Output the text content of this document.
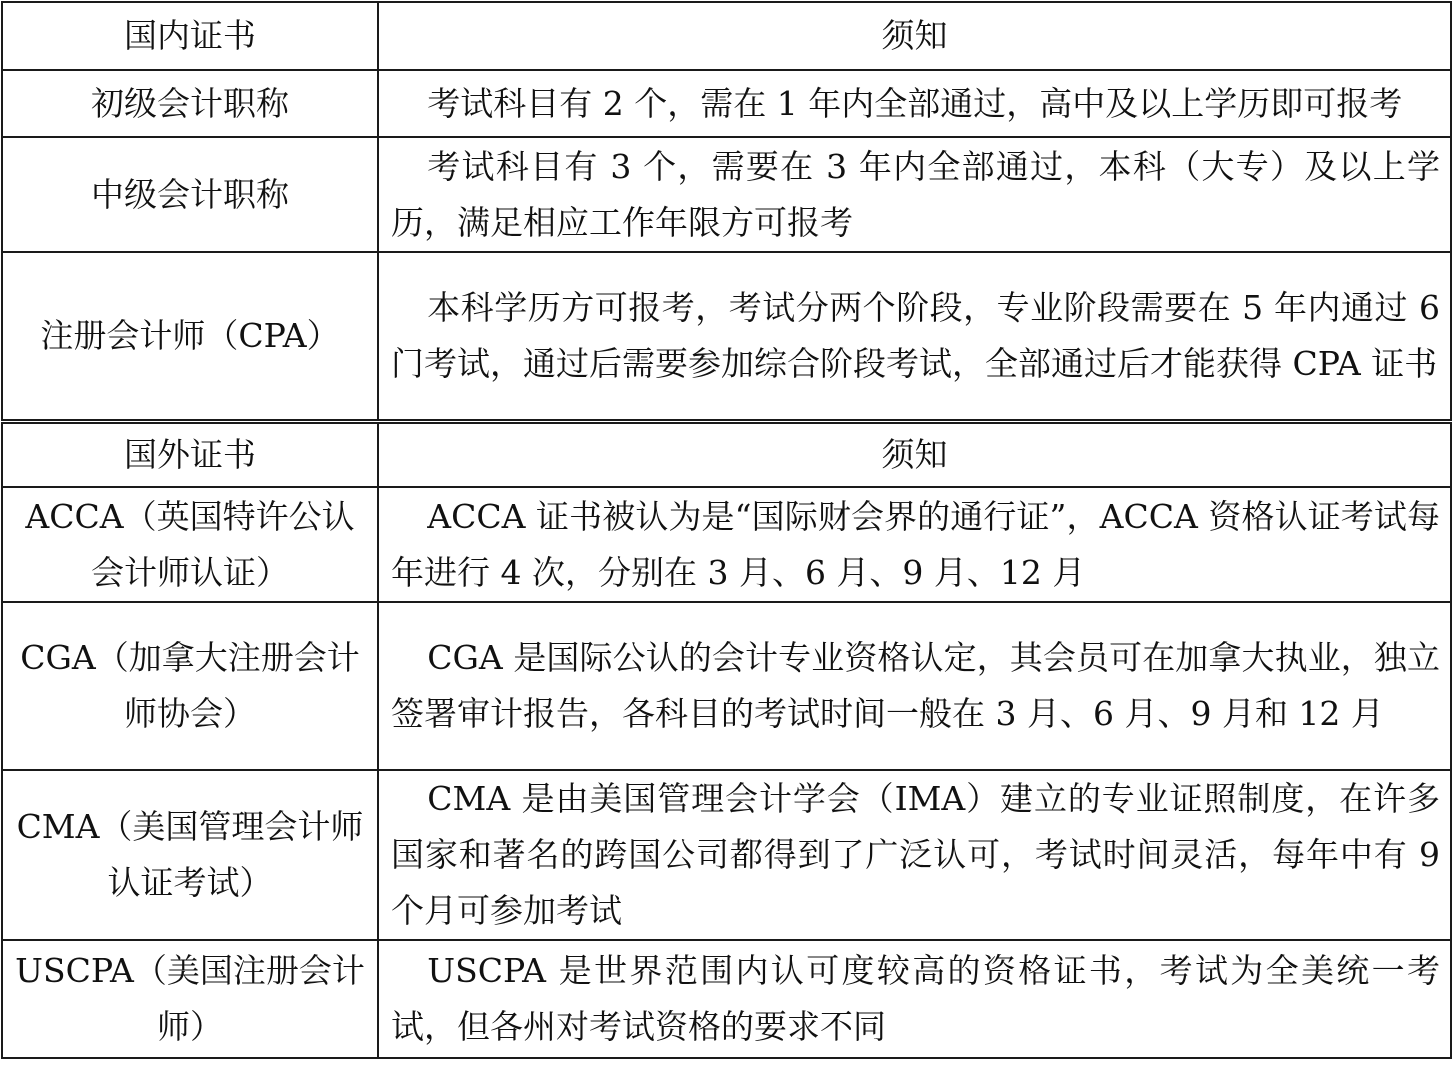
国内证书	须知
初级会计职称	考试科目有 2 个，需在 1 年内全部通过，高中及以上学历即可报考
中级会计职称	考试科目有 3 个，需要在 3 年内全部通过，本科（大专）及以上学历，满足相应工作年限方可报考
注册会计师（CPA）	本科学历方可报考，考试分两个阶段，专业阶段需要在 5 年内通过 6 门考试，通过后需要参加综合阶段考试，全部通过后才能获得 CPA 证书
国外证书	须知
ACCA（英国特许公认会计师认证）	ACCA 证书被认为是“国际财会界的通行证”，ACCA 资格认证考试每年进行 4 次，分别在 3 月、6 月、9 月、12 月
CGA（加拿大注册会计师协会）	CGA 是国际公认的会计专业资格认定，其会员可在加拿大执业，独立签署审计报告，各科目的考试时间一般在 3 月、6 月、9 月和 12 月
CMA（美国管理会计师认证考试）	CMA 是由美国管理会计学会（IMA）建立的专业证照制度，在许多国家和著名的跨国公司都得到了广泛认可，考试时间灵活，每年中有 9 个月可参加考试
USCPA（美国注册会计师）	USCPA 是世界范围内认可度较高的资格证书，考试为全美统一考试，但各州对考试资格的要求不同
